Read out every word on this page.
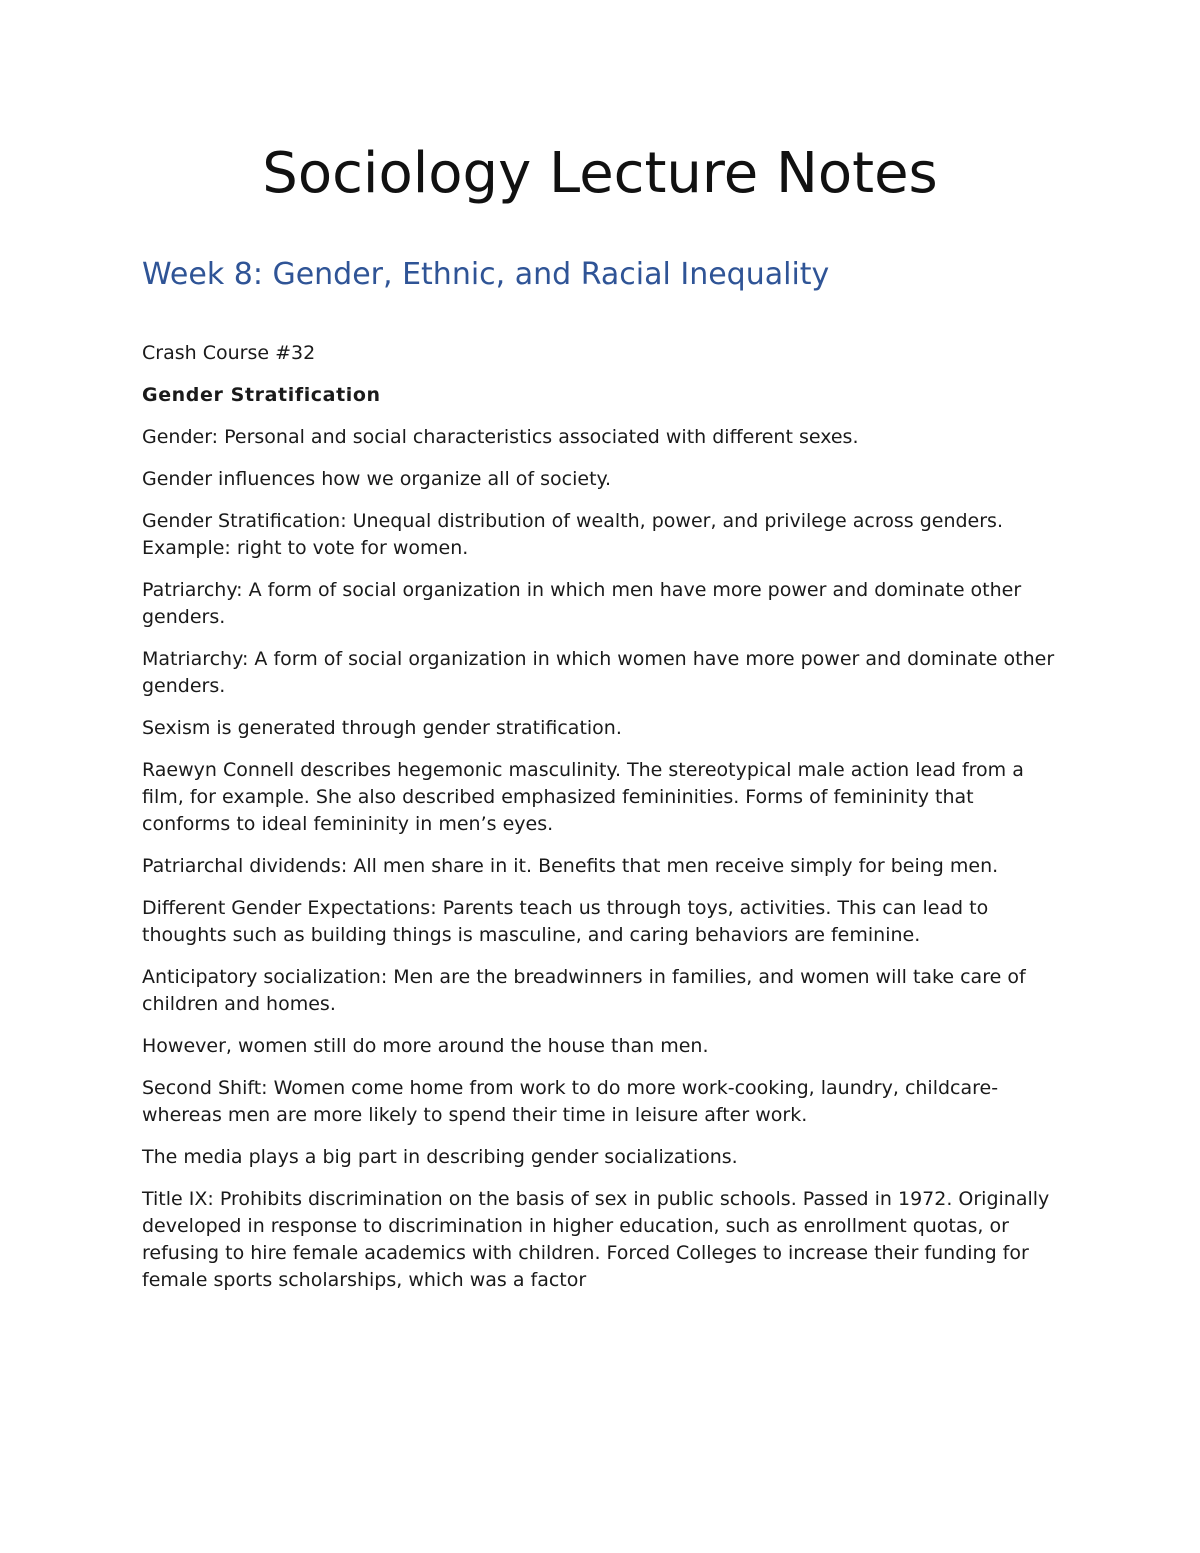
Sociology Lecture Notes
Week 8: Gender, Ethnic, and Racial Inequality

Crash Course #32

Gender Stratification

Gender: Personal and social characteristics associated with different sexes.

Gender influences how we organize all of society.

Gender Stratification: Unequal distribution of wealth, power, and privilege across genders. Example: right to vote for women.

Patriarchy: A form of social organization in which men have more power and dominate other genders.

Matriarchy: A form of social organization in which women have more power and dominate other genders.

Sexism is generated through gender stratification.

Raewyn Connell describes hegemonic masculinity. The stereotypical male action lead from a film, for example. She also described emphasized femininities. Forms of femininity that conforms to ideal femininity in men’s eyes.

Patriarchal dividends: All men share in it. Benefits that men receive simply for being men.

Different Gender Expectations: Parents teach us through toys, activities. This can lead to thoughts such as building things is masculine, and caring behaviors are feminine.

Anticipatory socialization: Men are the breadwinners in families, and women will take care of children and homes.

However, women still do more around the house than men.

Second Shift: Women come home from work to do more work-cooking, laundry, childcare-whereas men are more likely to spend their time in leisure after work.

The media plays a big part in describing gender socializations.

Title IX: Prohibits discrimination on the basis of sex in public schools. Passed in 1972. Originally developed in response to discrimination in higher education, such as enrollment quotas, or refusing to hire female academics with children. Forced Colleges to increase their funding for female sports scholarships, which was a factor
